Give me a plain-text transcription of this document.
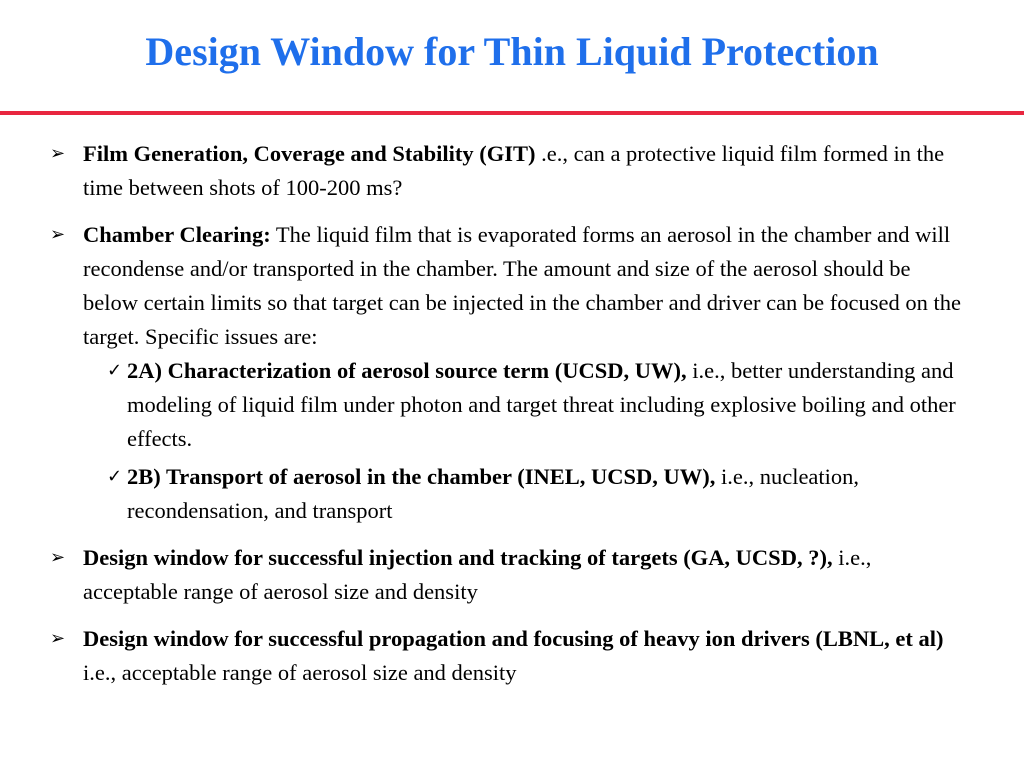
Design Window for Thin Liquid Protection
➢ Film Generation, Coverage and Stability (GIT) .e., can a protective liquid film formed in the time between shots of 100-200 ms?
➢ Chamber Clearing: The liquid film that is evaporated forms an aerosol in the chamber and will recondense and/or transported in the chamber. The amount and size of the aerosol should be below certain limits so that target can be injected in the chamber and driver can be focused on the target. Specific issues are:
✓ 2A) Characterization of aerosol source term (UCSD, UW), i.e., better understanding and modeling of liquid film under photon and target threat including explosive boiling and other effects.
✓ 2B) Transport of aerosol in the chamber (INEL, UCSD, UW), i.e., nucleation, recondensation, and transport
➢ Design window for successful injection and tracking of targets (GA, UCSD, ?), i.e., acceptable range of aerosol size and density
➢ Design window for successful propagation and focusing of heavy ion drivers (LBNL, et al) i.e., acceptable range of aerosol size and density
